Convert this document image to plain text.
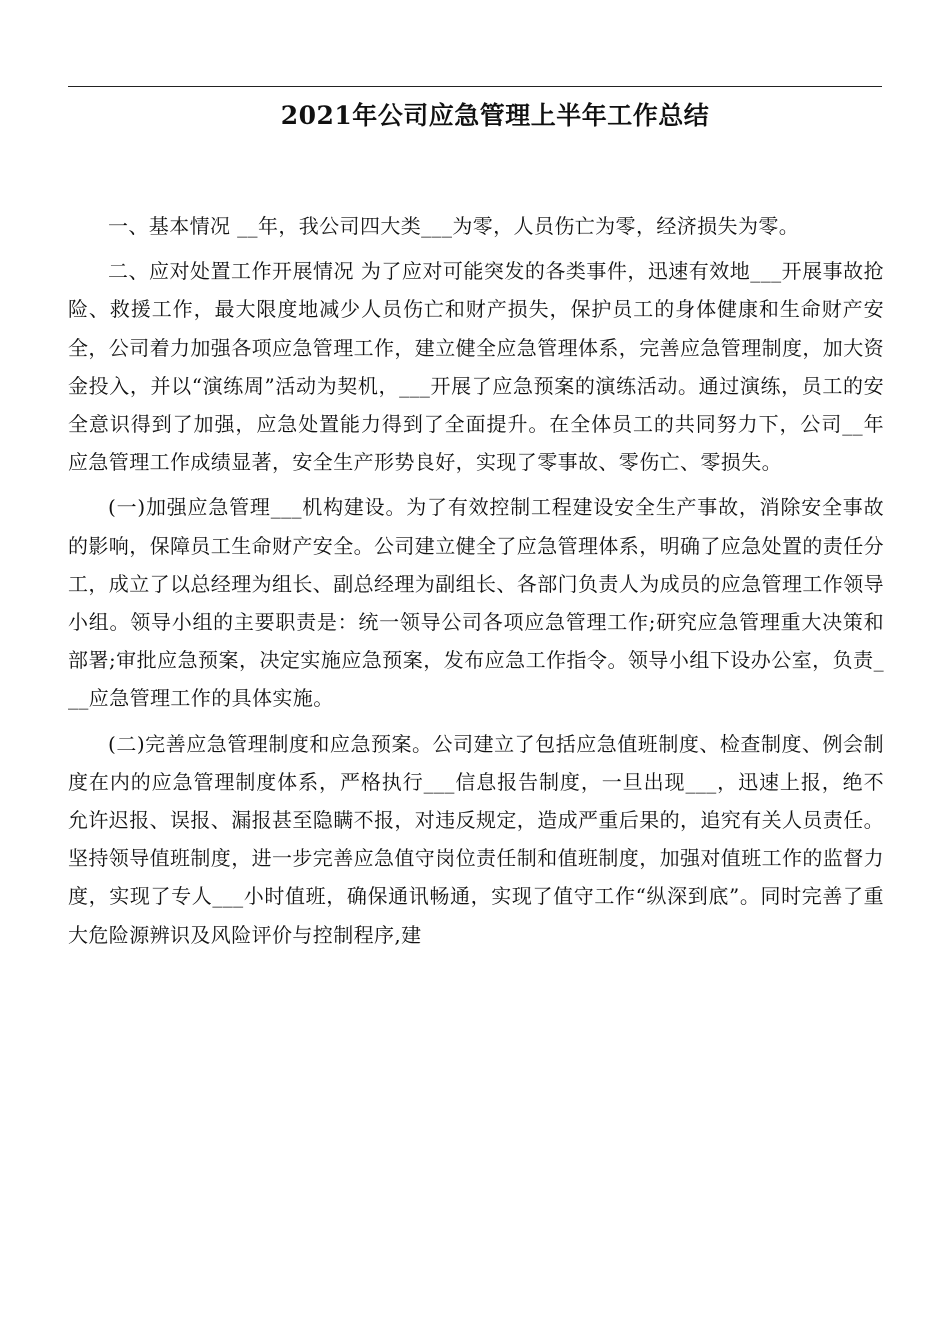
2021年公司应急管理上半年工作总结

一、基本情况 __年，我公司四大类___为零，人员伤亡为零，经济损失为零。

二、应对处置工作开展情况 为了应对可能突发的各类事件，迅速有效地___开展事故抢险、救援工作，最大限度地减少人员伤亡和财产损失，保护员工的身体健康和生命财产安全，公司着力加强各项应急管理工作，建立健全应急管理体系，完善应急管理制度，加大资金投入，并以“演练周”活动为契机，___开展了应急预案的演练活动。通过演练，员工的安全意识得到了加强，应急处置能力得到了全面提升。在全体员工的共同努力下，公司__年应急管理工作成绩显著，安全生产形势良好，实现了零事故、零伤亡、零损失。

(一)加强应急管理___机构建设。为了有效控制工程建设安全生产事故，消除安全事故的影响，保障员工生命财产安全。公司建立健全了应急管理体系，明确了应急处置的责任分工，成立了以总经理为组长、副总经理为副组长、各部门负责人为成员的应急管理工作领导小组。领导小组的主要职责是：统一领导公司各项应急管理工作;研究应急管理重大决策和部署;审批应急预案，决定实施应急预案，发布应急工作指令。领导小组下设办公室，负责___应急管理工作的具体实施。

(二)完善应急管理制度和应急预案。公司建立了包括应急值班制度、检查制度、例会制度在内的应急管理制度体系，严格执行___信息报告制度，一旦出现___，迅速上报，绝不允许迟报、误报、漏报甚至隐瞒不报，对违反规定，造成严重后果的，追究有关人员责任。坚持领导值班制度，进一步完善应急值守岗位责任制和值班制度，加强对值班工作的监督力度，实现了专人___小时值班，确保通讯畅通，实现了值守工作“纵深到底”。同时完善了重大危险源辨识及风险评价与控制程序,建
